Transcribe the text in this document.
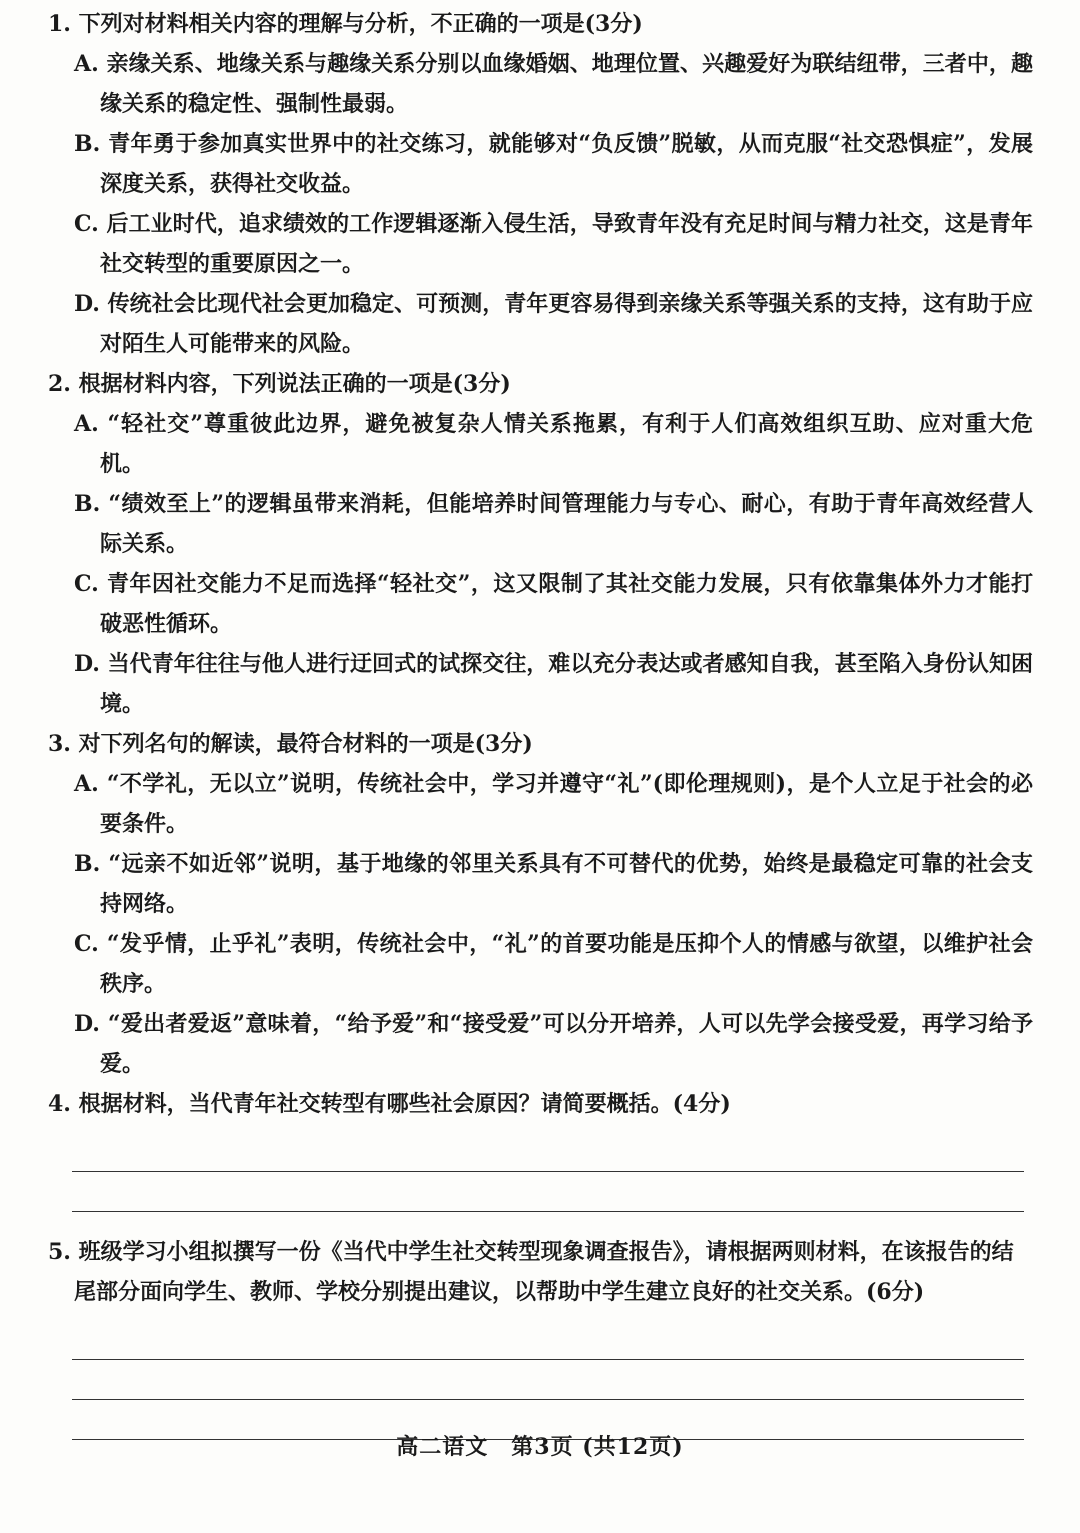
1. 下列对材料相关内容的理解与分析，不正确的一项是(3分)
A. 亲缘关系、地缘关系与趣缘关系分别以血缘婚姻、地理位置、兴趣爱好为联结纽带，三者中，趣缘关系的稳定性、强制性最弱。
B. 青年勇于参加真实世界中的社交练习，就能够对“负反馈”脱敏，从而克服“社交恐惧症”，发展深度关系，获得社交收益。
C. 后工业时代，追求绩效的工作逻辑逐渐入侵生活，导致青年没有充足时间与精力社交，这是青年社交转型的重要原因之一。
D. 传统社会比现代社会更加稳定、可预测，青年更容易得到亲缘关系等强关系的支持，这有助于应对陌生人可能带来的风险。
2. 根据材料内容，下列说法正确的一项是(3分)
A. “轻社交”尊重彼此边界，避免被复杂人情关系拖累，有利于人们高效组织互助、应对重大危机。
B. “绩效至上”的逻辑虽带来消耗，但能培养时间管理能力与专心、耐心，有助于青年高效经营人际关系。
C. 青年因社交能力不足而选择“轻社交”，这又限制了其社交能力发展，只有依靠集体外力才能打破恶性循环。
D. 当代青年往往与他人进行迂回式的试探交往，难以充分表达或者感知自我，甚至陷入身份认知困境。
3. 对下列名句的解读，最符合材料的一项是(3分)
A. “不学礼，无以立”说明，传统社会中，学习并遵守“礼”(即伦理规则)，是个人立足于社会的必要条件。
B. “远亲不如近邻”说明，基于地缘的邻里关系具有不可替代的优势，始终是最稳定可靠的社会支持网络。
C. “发乎情，止乎礼”表明，传统社会中，“礼”的首要功能是压抑个人的情感与欲望，以维护社会秩序。
D. “爱出者爱返”意味着，“给予爱”和“接受爱”可以分开培养，人可以先学会接受爱，再学习给予爱。
4. 根据材料，当代青年社交转型有哪些社会原因？请简要概括。(4分)
5. 班级学习小组拟撰写一份《当代中学生社交转型现象调查报告》，请根据两则材料，在该报告的结尾部分面向学生、教师、学校分别提出建议，以帮助中学生建立良好的社交关系。(6分)
高二语文　第3页 (共12页)
